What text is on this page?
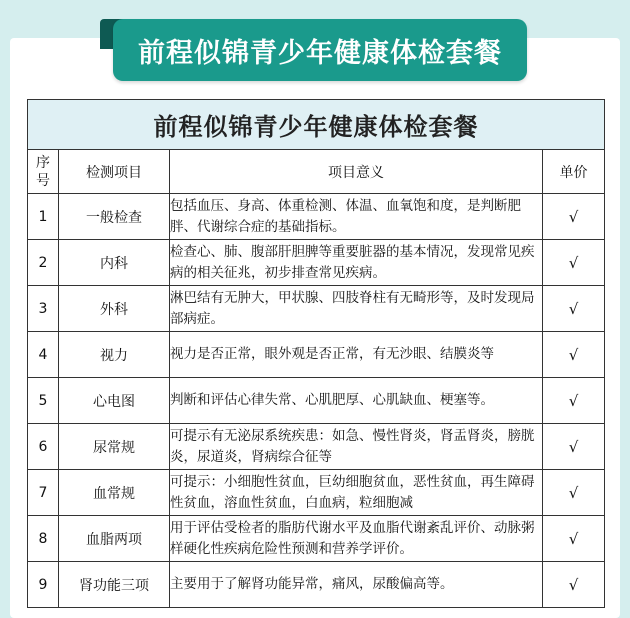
前程似锦青少年健康体检套餐
前程似锦青少年健康体检套餐			
序
号	检测项目	项目意义	单价
1	一般检查	包括血压、身高、体重检测、体温、血氧饱和度，是判断肥胖、代谢综合症的基础指标。	√
2	内科	检查心、肺、腹部肝胆脾等重要脏器的基本情况，发现常见疾病的相关征兆，初步排查常见疾病。	√
3	外科	淋巴结有无肿大，甲状腺、四肢脊柱有无畸形等，及时发现局部病症。	√
4	视力	视力是否正常，眼外观是否正常，有无沙眼、结膜炎等	√
5	心电图	判断和评估心律失常、心肌肥厚、心肌缺血、梗塞等。	√
6	尿常规	可提示有无泌尿系统疾患：如急、慢性肾炎，肾盂肾炎，膀胱炎，尿道炎，肾病综合征等	√
7	血常规	可提示：小细胞性贫血，巨幼细胞贫血，恶性贫血，再生障碍性贫血，溶血性贫血，白血病，粒细胞减	√
8	血脂两项	用于评估受检者的脂肪代谢水平及血脂代谢紊乱评价、动脉粥样硬化性疾病危险性预测和营养学评价。	√
9	肾功能三项	主要用于了解肾功能异常，痛风，尿酸偏高等。	√
